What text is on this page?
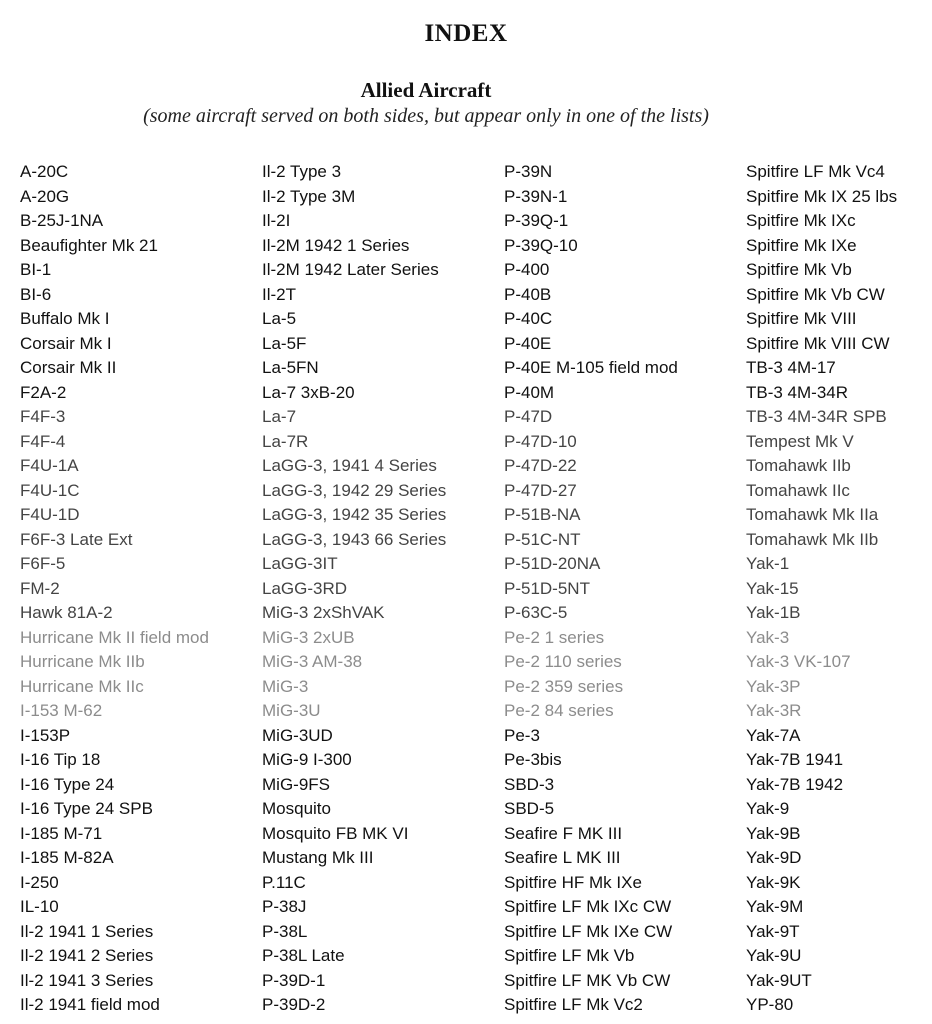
INDEX
Allied Aircraft
(some aircraft served on both sides, but appear only in one of the lists)
A-20C
A-20G
B-25J-1NA
Beaufighter Mk 21
BI-1
BI-6
Buffalo Mk I
Corsair Mk I
Corsair Mk II
F2A-2
F4F-3
F4F-4
F4U-1A
F4U-1C
F4U-1D
F6F-3 Late Ext
F6F-5
FM-2
Hawk 81A-2
Hurricane Mk II field mod
Hurricane Mk IIb
Hurricane Mk IIc
I-153 M-62
I-153P
I-16 Tip 18
I-16 Type 24
I-16 Type 24 SPB
I-185 M-71
I-185 M-82A
I-250
IL-10
Il-2 1941 1 Series
Il-2 1941 2 Series
Il-2 1941 3 Series
Il-2 1941 field mod
Il-2 Type 3
Il-2 Type 3M
Il-2I
Il-2M 1942 1 Series
Il-2M 1942 Later Series
Il-2T
La-5
La-5F
La-5FN
La-7 3xB-20
La-7
La-7R
LaGG-3, 1941 4 Series
LaGG-3, 1942 29 Series
LaGG-3, 1942 35 Series
LaGG-3, 1943 66 Series
LaGG-3IT
LaGG-3RD
MiG-3 2xShVAK
MiG-3 2xUB
MiG-3 AM-38
MiG-3
MiG-3U
MiG-3UD
MiG-9 I-300
MiG-9FS
Mosquito
Mosquito FB MK VI
Mustang Mk III
P.11C
P-38J
P-38L
P-38L Late
P-39D-1
P-39D-2
P-39N
P-39N-1
P-39Q-1
P-39Q-10
P-400
P-40B
P-40C
P-40E
P-40E M-105 field mod
P-40M
P-47D
P-47D-10
P-47D-22
P-47D-27
P-51B-NA
P-51C-NT
P-51D-20NA
P-51D-5NT
P-63C-5
Pe-2 1 series
Pe-2 110 series
Pe-2 359 series
Pe-2 84 series
Pe-3
Pe-3bis
SBD-3
SBD-5
Seafire F MK III
Seafire L MK III
Spitfire HF Mk IXe
Spitfire LF Mk IXc CW
Spitfire LF Mk IXe CW
Spitfire LF Mk Vb
Spitfire LF MK Vb CW
Spitfire LF Mk Vc2
Spitfire LF Mk Vc4
Spitfire Mk IX 25 lbs
Spitfire Mk IXc
Spitfire Mk IXe
Spitfire Mk Vb
Spitfire Mk Vb CW
Spitfire Mk VIII
Spitfire Mk VIII CW
TB-3 4M-17
TB-3 4M-34R
TB-3 4M-34R SPB
Tempest Mk V
Tomahawk IIb
Tomahawk IIc
Tomahawk Mk IIa
Tomahawk Mk IIb
Yak-1
Yak-15
Yak-1B
Yak-3
Yak-3 VK-107
Yak-3P
Yak-3R
Yak-7A
Yak-7B 1941
Yak-7B 1942
Yak-9
Yak-9B
Yak-9D
Yak-9K
Yak-9M
Yak-9T
Yak-9U
Yak-9UT
YP-80
